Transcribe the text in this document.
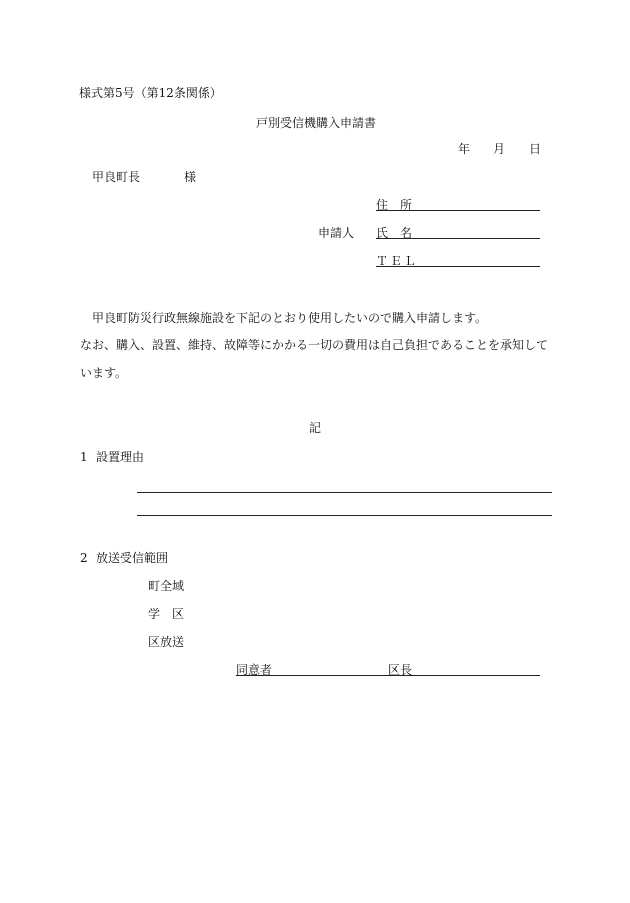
様式第5号（第12条関係）
戸別受信機購入申請書
年 月 日
甲良町長	様
住　所
申請人 氏　名
ＴＥＬ
甲良町防災行政無線施設を下記のとおり使用したいので購入申請します。
なお、購入、設置、維持、故障等にかかる一切の費用は自己負担であることを承知して
います。
記
1 設置理由
2 放送受信範囲
町全域
学　区
区放送
同意者	区長
